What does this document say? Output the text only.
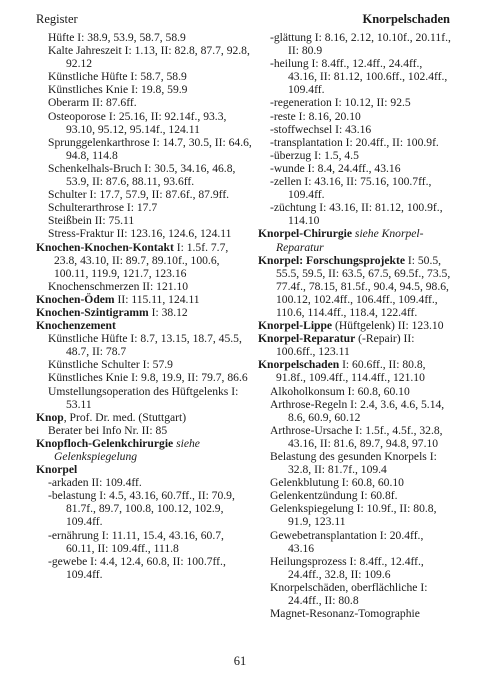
Register	Knorpelschaden

Hüfte I: 38.9, 53.9, 58.7, 58.9

Kalte Jahreszeit I: 1.13, II: 82.8, 87.7, 92.8, 92.12

Künstliche Hüfte I: 58.7, 58.9

Künstliches Knie I: 19.8, 59.9

Oberarm II: 87.6ff.

Osteoporose I: 25.16, II: 92.14f., 93.3, 93.10, 95.12, 95.14f., 124.11

Sprunggelenkarthrose I: 14.7, 30.5, II: 64.6, 94.8, 114.8

Schenkelhals-Bruch I: 30.5, 34.16, 46.8, 53.9, II: 87.6, 88.11, 93.6ff.

Schulter I: 17.7, 57.9, II: 87.6f., 87.9ff.

Schulterarthrose I: 17.7

Steißbein II: 75.11

Stress-Fraktur II: 123.16, 124.6, 124.11

Knochen-Knochen-Kontakt I: 1.5f. 7.7, 23.8, 43.10, II: 89.7, 89.10f., 100.6, 100.11, 119.9, 121.7, 123.16

Knochenschmerzen II: 121.10

Knochen-Ödem II: 115.11, 124.11

Knochen-Szintigramm I: 38.12

Knochenzement

Künstliche Hüfte I: 8.7, 13.15, 18.7, 45.5, 48.7, II: 78.7

Künstliche Schulter I: 57.9

Künstliches Knie I: 9.8, 19.9, II: 79.7, 86.6

Umstellungsoperation des Hüftgelenks I: 53.11

Knop, Prof. Dr. med. (Stuttgart)

Berater bei Info Nr. II: 85

Knopfloch-Gelenkchirurgie siehe Gelenkspiegelung

Knorpel

-arkaden II: 109.4ff.

-belastung I: 4.5, 43.16, 60.7ff., II: 70.9, 81.7f., 89.7, 100.8, 100.12, 102.9, 109.4ff.

-ernährung I: 11.11, 15.4, 43.16, 60.7, 60.11, II: 109.4ff., 111.8

-gewebe I: 4.4, 12.4, 60.8, II: 100.7ff., 109.4ff.

-glättung I: 8.16, 2.12, 10.10f., 20.11f., II: 80.9

-heilung I: 8.4ff., 12.4ff., 24.4ff., 43.16, II: 81.12, 100.6ff., 102.4ff., 109.4ff.

-regeneration I: 10.12, II: 92.5

-reste I: 8.16, 20.10

-stoffwechsel I: 43.16

-transplantation I: 20.4ff., II: 100.9f.

-überzug I: 1.5, 4.5

-wunde I: 8.4, 24.4ff., 43.16

-zellen I: 43.16, II: 75.16, 100.7ff., 109.4ff.

-züchtung I: 43.16, II: 81.12, 100.9f., 114.10

Knorpel-Chirurgie siehe Knorpel-Reparatur

Knorpel: Forschungsprojekte I: 50.5, 55.5, 59.5, II: 63.5, 67.5, 69.5f., 73.5, 77.4f., 78.15, 81.5f., 90.4, 94.5, 98.6, 100.12, 102.4ff., 106.4ff., 109.4ff., 110.6, 114.4ff., 118.4, 122.4ff.

Knorpel-Lippe (Hüftgelenk) II: 123.10

Knorpel-Reparatur (-Repair) II: 100.6ff., 123.11

Knorpelschaden I: 60.6ff., II: 80.8, 91.8f., 109.4ff., 114.4ff., 121.10

Alkoholkonsum I: 60.8, 60.10

Arthrose-Regeln I: 2.4, 3.6, 4.6, 5.14, 8.6, 60.9, 60.12

Arthrose-Ursache I: 1.5f., 4.5f., 32.8, 43.16, II: 81.6, 89.7, 94.8, 97.10

Belastung des gesunden Knorpels I: 32.8, II: 81.7f., 109.4

Gelenkblutung I: 60.8, 60.10

Gelenkentzündung I: 60.8f.

Gelenkspiegelung I: 10.9f., II: 80.8, 91.9, 123.11

Gewebetransplantation I: 20.4ff., 43.16

Heilungsprozess I: 8.4ff., 12.4ff., 24.4ff., 32.8, II: 109.6

Knorpelschäden, oberflächliche I: 24.4ff., II: 80.8

Magnet-Resonanz-Tomographie

61
